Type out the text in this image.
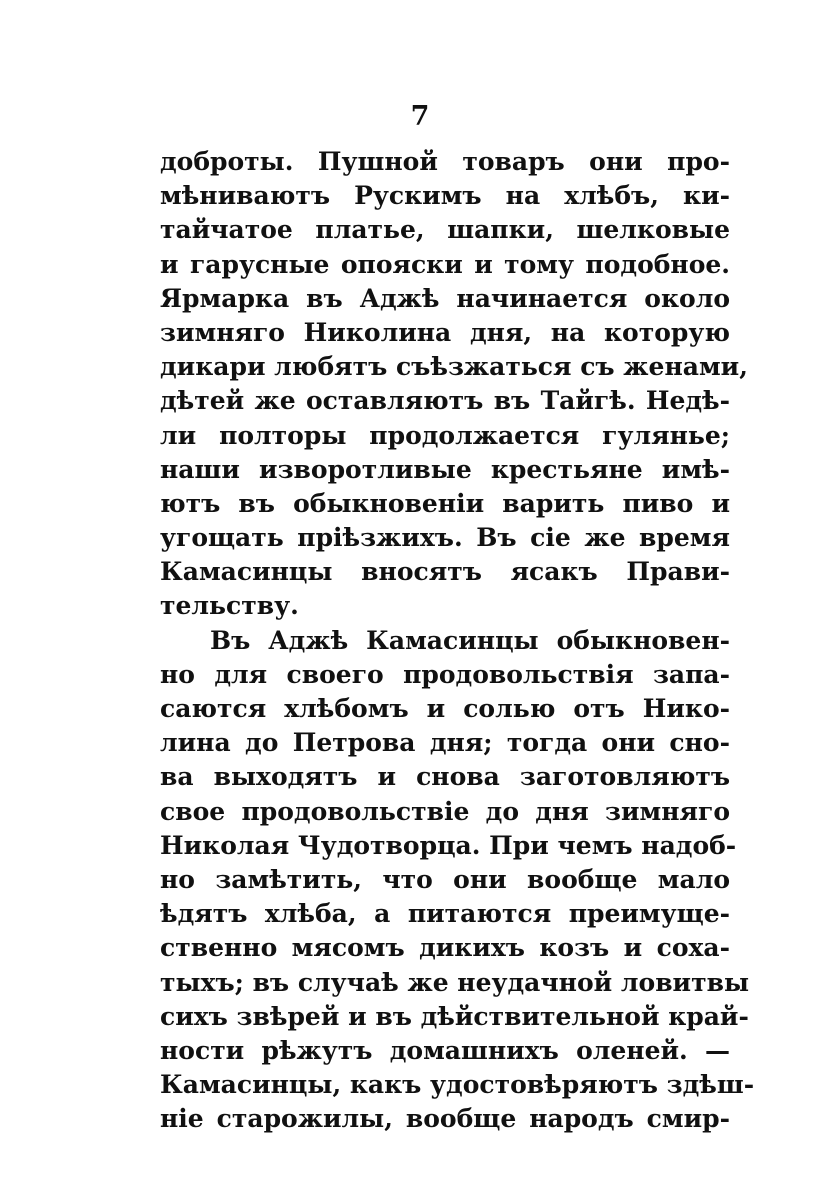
7
доброты. Пушной товаръ они про-
мѣниваютъ Рускимъ на хлѣбъ, ки-
тайчатое платье, шапки, шелковые
и гарусные опояски и тому подобное.
Ярмарка въ Аджѣ начинается около
зимняго Николина дня, на которую
дикари любятъ съѣзжаться съ женами,
дѣтей же оставляютъ въ Тайгѣ. Недѣ-
ли полторы продолжается гулянье;
наши изворотливые крестьяне имѣ-
ютъ въ обыкновеніи варить пиво и
угощать пріѣзжихъ. Въ сіе же время
Камасинцы вносятъ ясакъ Прави-
тельству.
Въ Аджѣ Камасинцы обыкновен-
но для своего продовольствія запа-
саются хлѣбомъ и солью отъ Нико-
лина до Петрова дня; тогда они сно-
ва выходятъ и снова заготовляютъ
свое продовольствіе до дня зимняго
Николая Чудотворца. При чемъ надоб-
но замѣтить, что они вообще мало
ѣдятъ хлѣба, а питаются преимуще-
ственно мясомъ дикихъ козъ и соха-
тыхъ; въ случаѣ же неудачной ловитвы
сихъ звѣрей и въ дѣйствительной край-
ности рѣжутъ домашнихъ оленей. —
Камасинцы, какъ удостовѣряютъ здѣш-
ніе старожилы, вообще народъ смир-
